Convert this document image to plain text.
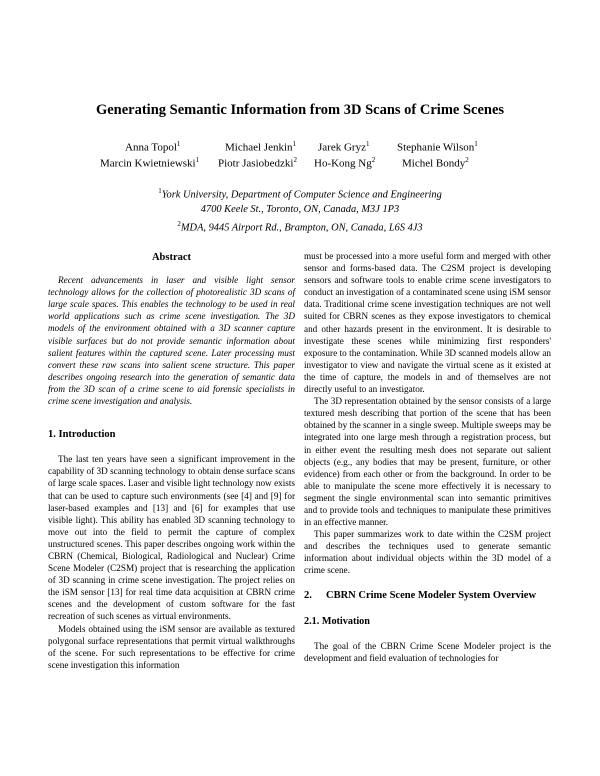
Generating Semantic Information from 3D Scans of Crime Scenes
Anna Topol$^1$	Michael Jenkin$^1$ Jarek Gryz$^1$	Stephanie Wilson$^1$
Marcin Kwietniewski$^1$ Piotr Jasiobedzki$^2$ Ho-Kong Ng$^2$ Michel Bondy$^2$
$^1$York University, Department of Computer Science and Engineering
4700 Keele St., Toronto, ON, Canada, M3J 1P3
$^2$MDA, 9445 Airport Rd., Brampton, ON, Canada, L6S 4J3
Abstract

Recent advancements in laser and visible light sensor technology allows for the collection of photorealistic 3D scans of large scale spaces. This enables the technology to be used in real world applications such as crime scene investigation. The 3D models of the environment obtained with a 3D scanner capture visible surfaces but do not provide semantic information about salient features within the captured scene. Later processing must convert these raw scans into salient scene structure. This paper describes ongoing research into the generation of semantic data from the 3D scan of a crime scene to aid forensic specialists in crime scene investigation and analysis.

1. Introduction

The last ten years have seen a significant improvement in the capability of 3D scanning technology to obtain dense surface scans of large scale spaces. Laser and visible light technology now exists that can be used to capture such environments (see [4] and [9] for laser-based examples and [13] and [6] for examples that use visible light). This ability has enabled 3D scanning technology to move out into the field to permit the capture of complex unstructured scenes. This paper describes ongoing work within the CBRN (Chemical, Biological, Radiological and Nuclear) Crime Scene Modeler (C2SM) project that is researching the application of 3D scanning in crime scene investigation. The project relies on the iSM sensor [13] for real time data acquisition at CBRN crime scenes and the development of custom software for the fast recreation of such scenes as virtual environments.

Models obtained using the iSM sensor are available as textured polygonal surface representations that permit virtual walkthroughs of the scene. For such representations to be effective for crime scene investigation this information

must be processed into a more useful form and merged with other sensor and forms-based data. The C2SM project is developing sensors and software tools to enable crime scene investigators to conduct an investigation of a contaminated scene using iSM sensor data. Traditional crime scene investigation techniques are not well suited for CBRN scenes as they expose investigators to chemical and other hazards present in the environment. It is desirable to investigate these scenes while minimizing first responders' exposure to the contamination. While 3D scanned models allow an investigator to view and navigate the virtual scene as it existed at the time of capture, the models in and of themselves are not directly useful to an investigator.

The 3D representation obtained by the sensor consists of a large textured mesh describing that portion of the scene that has been obtained by the scanner in a single sweep. Multiple sweeps may be integrated into one large mesh through a registration process, but in either event the resulting mesh does not separate out salient objects (e.g., any bodies that may be present, furniture, or other evidence) from each other or from the background. In order to be able to manipulate the scene more effectively it is necessary to segment the single environmental scan into semantic primitives and to provide tools and techniques to manipulate these primitives in an effective manner.

This paper summarizes work to date within the C2SM project and describes the techniques used to generate semantic information about individual objects within the 3D model of a crime scene.

2.	CBRN Crime Scene Modeler System Overview
2.1. Motivation

The goal of the CBRN Crime Scene Modeler project is the development and field evaluation of technologies for
